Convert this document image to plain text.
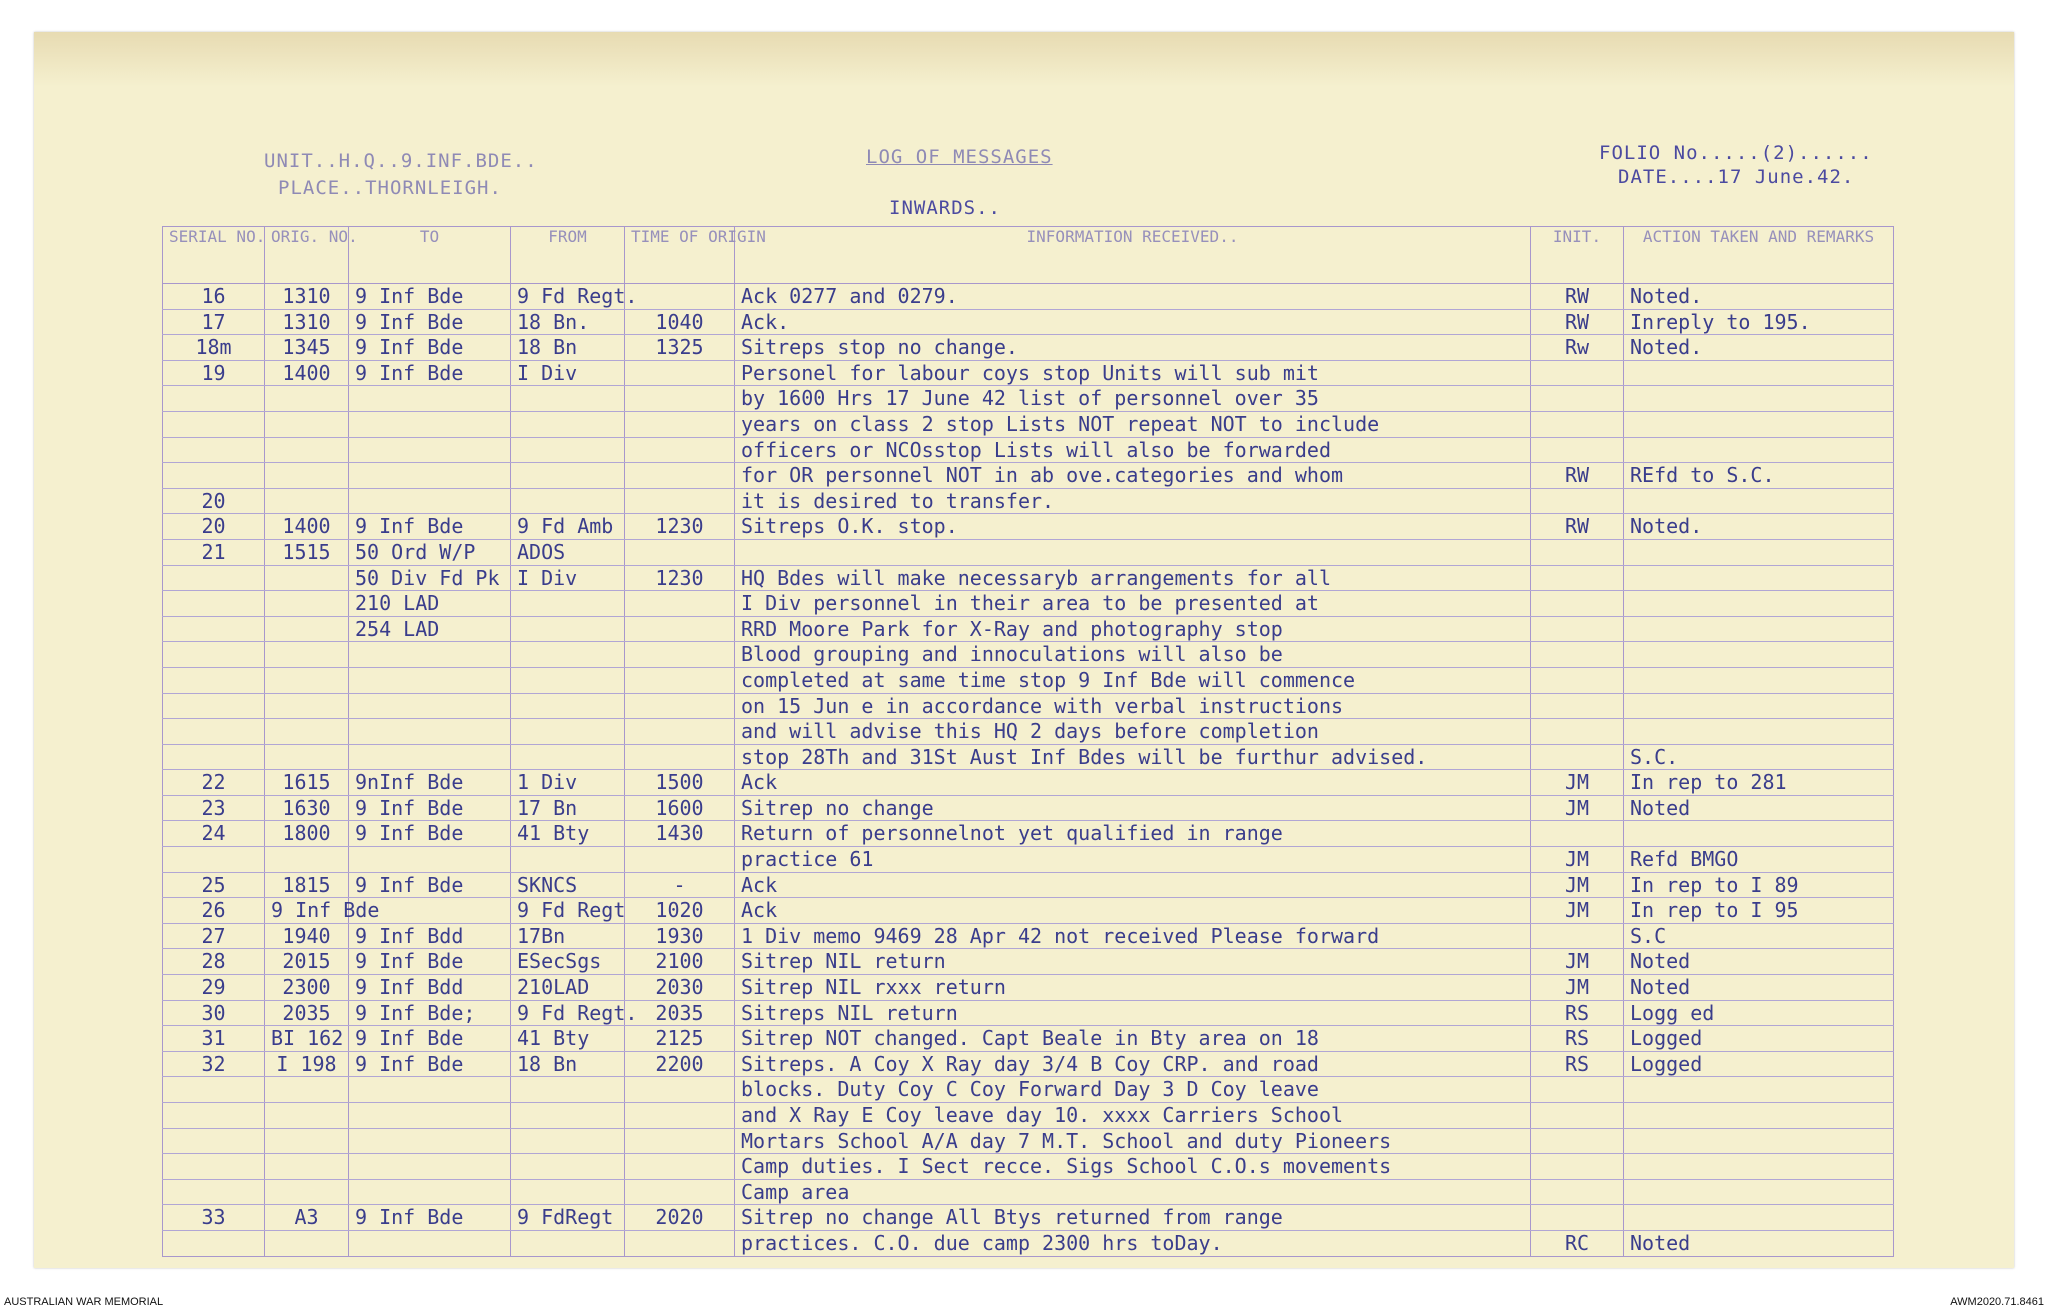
UNIT..H.Q..9.INF.BDE..
PLACE..THORNLEIGH.
LOG OF MESSAGES	FOLIO No.....(2)......
DATE....17 June.42.
INWARDS..
SERIAL NO.	ORIG. NO.	TO	FROM	TIME OF ORIGIN	INFORMATION RECEIVED..	INIT.	ACTION TAKEN AND REMARKS
16	1310	9 Inf Bde	9 Fd Regt.		Ack 0277 and 0279.	RW	Noted.
17	1310	9 Inf Bde	18 Bn.	1040	Ack.	RW	Inreply to 195.
18m	1345	9 Inf Bde	18 Bn	1325	Sitreps stop no change.	Rw	Noted.
19	1400	9 Inf Bde	I Div		Personel for labour coys stop Units will sub mit		
					by 1600 Hrs 17 June 42 list of personnel over 35		
					years on class 2 stop Lists NOT repeat NOT to include		
					officers or NCOsstop Lists will also be forwarded		
					for OR personnel NOT in ab ove.categories and whom	RW	REfd to S.C.
20					it is desired to transfer.		
20	1400	9 Inf Bde	9 Fd Amb	1230	Sitreps O.K. stop.	RW	Noted.
21	1515	50 Ord W/P	ADOS				
		50 Div Fd Pk	I Div	1230	HQ Bdes will make necessaryb arrangements for all		
		210 LAD			I Div personnel in their area to be presented at		
		254 LAD			RRD Moore Park for X-Ray and photography stop		
					Blood grouping and innoculations will also be		
					completed at same time stop 9 Inf Bde will commence		
					on 15 Jun e in accordance with verbal instructions		
					and will advise this HQ 2 days before completion		
					stop 28Th and 31St Aust Inf Bdes will be furthur advised.		S.C.
22	1615	9nInf Bde	1 Div	1500	Ack	JM	In rep to 281
23	1630	9 Inf Bde	17 Bn	1600	Sitrep no change	JM	Noted
24	1800	9 Inf Bde	41 Bty	1430	Return of personnelnot yet qualified in range		
					practice 61	JM	Refd BMGO
25	1815	9 Inf Bde	SKNCS	-	Ack	JM	In rep to I 89
26	9 Inf Bde		9 Fd Regt	1020	Ack	JM	In rep to I 95
27	1940	9 Inf Bdd	17Bn	1930	1 Div memo 9469 28 Apr 42 not received Please forward		S.C
28	2015	9 Inf Bde	ESecSgs	2100	Sitrep NIL return	JM	Noted
29	2300	9 Inf Bdd	210LAD	2030	Sitrep NIL rxxx return	JM	Noted
30	2035	9 Inf Bde;	9 Fd Regt.	2035	Sitreps NIL return	RS	Logg ed
31	BI 162	9 Inf Bde	41 Bty	2125	Sitrep NOT changed. Capt Beale in Bty area on 18	RS	Logged
32	I 198	9 Inf Bde	18 Bn	2200	Sitreps. A Coy X Ray day 3/4 B Coy CRP. and road	RS	Logged
					blocks. Duty Coy C Coy Forward Day 3 D Coy leave		
					and X Ray E Coy leave day 10. xxxx Carriers School		
					Mortars School A/A day 7 M.T. School and duty Pioneers		
					Camp duties. I Sect recce. Sigs School C.O.s movements		
					Camp area		
33	A3	9 Inf Bde	9 FdRegt	2020	Sitrep no change All Btys returned from range		
					practices. C.O. due camp 2300 hrs toDay.	RC	Noted
AUSTRALIAN WAR MEMORIAL	AWM2020.71.8461
